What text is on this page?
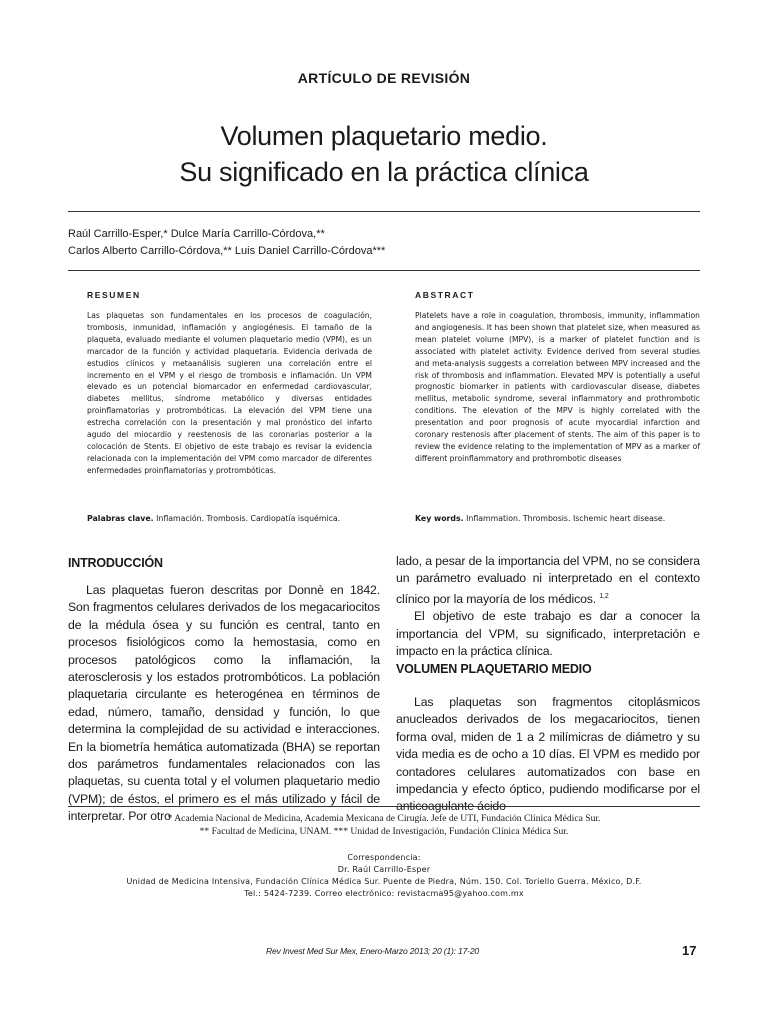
ARTÍCULO DE REVISIÓN
Volumen plaquetario medio.
Su significado en la práctica clínica
Raúl Carrillo-Esper,* Dulce María Carrillo-Córdova,**
Carlos Alberto Carrillo-Córdova,** Luis Daniel Carrillo-Córdova***
RESUMEN
Las plaquetas son fundamentales en los procesos de coagulación, trombosis, inmunidad, inflamación y angiogénesis. El tamaño de la plaqueta, evaluado mediante el volumen plaquetario medio (VPM), es un marcador de la función y actividad plaquetaria. Evidencia derivada de estudios clínicos y metaanálisis sugieren una correlación entre el incremento en el VPM y el riesgo de trombosis e inflamación. Un VPM elevado es un potencial biomarcador en enfermedad cardiovascular, diabetes mellitus, síndrome metabólico y diversas entidades proinflamatorias y protrombóticas. La elevación del VPM tiene una estrecha correlación con la presentación y mal pronóstico del infarto agudo del miocardio y reestenosis de las coronarias posterior a la colocación de Stents. El objetivo de este trabajo es revisar la evidencia relacionada con la implementación del VPM como marcador de diferentes enfermedades proinflamatorias y protrombóticas.
Palabras clave. Inflamación. Trombosis. Cardiopatía isquémica.
ABSTRACT
Platelets have a role in coagulation, thrombosis, immunity, inflammation and angiogenesis. It has been shown that platelet size, when measured as mean platelet volume (MPV), is a marker of platelet function and is associated with platelet activity. Evidence derived from several studies and meta-analysis suggests a correlation between MPV increased and the risk of thrombosis and inflammation. Elevated MPV is potentially a useful prognostic biomarker in patients with cardiovascular disease, diabetes mellitus, metabolic syndrome, several inflammatory and prothrombotic conditions. The elevation of the MPV is highly correlated with the presentation and poor prognosis of acute myocardial infarction and coronary restenosis after placement of stents. The aim of this paper is to review the evidence relating to the implementation of MPV as a marker of different proinflammatory and prothrombotic diseases
Key words. Inflammation. Thrombosis. Ischemic heart disease.
INTRODUCCIÓN

Las plaquetas fueron descritas por Donnè en 1842. Son fragmentos celulares derivados de los megacariocitos de la médula ósea y su función es central, tanto en procesos fisiológicos como la hemostasia, como en procesos patológicos como la inflamación, la aterosclerosis y los estados protrombóticos. La población plaquetaria circulante es heterogénea en términos de edad, número, tamaño, densidad y función, lo que determina la complejidad de su actividad e interacciones. En la biometría hemática automatizada (BHA) se reportan dos parámetros fundamentales relacionados con las plaquetas, su cuenta total y el volumen plaquetario medio (VPM); de éstos, el primero es el más utilizado y fácil de interpretar. Por otro

lado, a pesar de la importancia del VPM, no se considera un parámetro evaluado ni interpretado en el contexto clínico por la mayoría de los médicos. $^{1,2}$

El objetivo de este trabajo es dar a conocer la importancia del VPM, su significado, interpretación e impacto en la práctica clínica.

VOLUMEN PLAQUETARIO MEDIO

Las plaquetas son fragmentos citoplásmicos anucleados derivados de los megacariocitos, tienen forma oval, miden de 1 a 2 milímicras de diámetro y su vida media es de ocho a 10 días. El VPM es medido por contadores celulares automatizados con base en impedancia y efecto óptico, pudiendo modificarse por el anticoagulante ácido

* Academia Nacional de Medicina, Academia Mexicana de Cirugía. Jefe de UTI, Fundación Clínica Médica Sur.
** Facultad de Medicina, UNAM. *** Unidad de Investigación, Fundación Clínica Médica Sur.
Correspondencia:
Dr. Raúl Carrillo-Esper
Unidad de Medicina Intensiva, Fundación Clínica Médica Sur. Puente de Piedra, Núm. 150. Col. Toriello Guerra. México, D.F.
Tel.: 5424-7239. Correo electrónico: revistacma95@yahoo.com.mx
Rev Invest Med Sur Mex, Enero-Marzo 2013; 20 (1): 17-20	17
